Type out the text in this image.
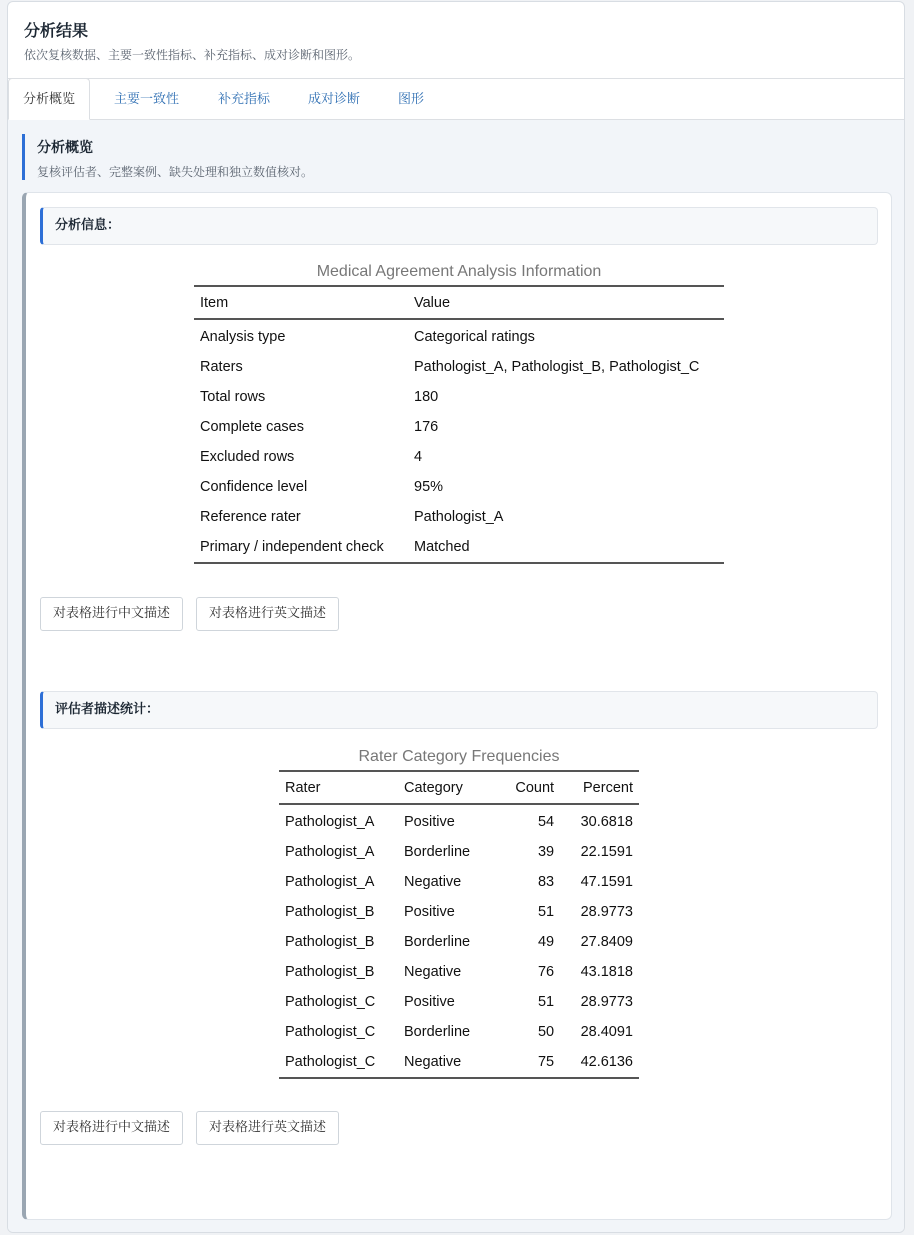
分析结果
依次复核数据、主要一致性指标、补充指标、成对诊断和图形。
分析概览	主要一致性	补充指标	成对诊断	图形
分析概览
复核评估者、完整案例、缺失处理和独立数值核对。
分析信息：
Medical Agreement Analysis Information
Item	Value
Analysis type	Categorical ratings
Raters	Pathologist_A, Pathologist_B, Pathologist_C
Total rows	180
Complete cases	176
Excluded rows	4
Confidence level	95%
Reference rater	Pathologist_A
Primary / independent check	Matched
对表格进行中文描述	对表格进行英文描述
评估者描述统计：
Rater Category Frequencies
Rater	Category	Count	Percent
Pathologist_A	Positive	54	30.6818
Pathologist_A	Borderline	39	22.1591
Pathologist_A	Negative	83	47.1591
Pathologist_B	Positive	51	28.9773
Pathologist_B	Borderline	49	27.8409
Pathologist_B	Negative	76	43.1818
Pathologist_C	Positive	51	28.9773
Pathologist_C	Borderline	50	28.4091
Pathologist_C	Negative	75	42.6136
对表格进行中文描述	对表格进行英文描述
